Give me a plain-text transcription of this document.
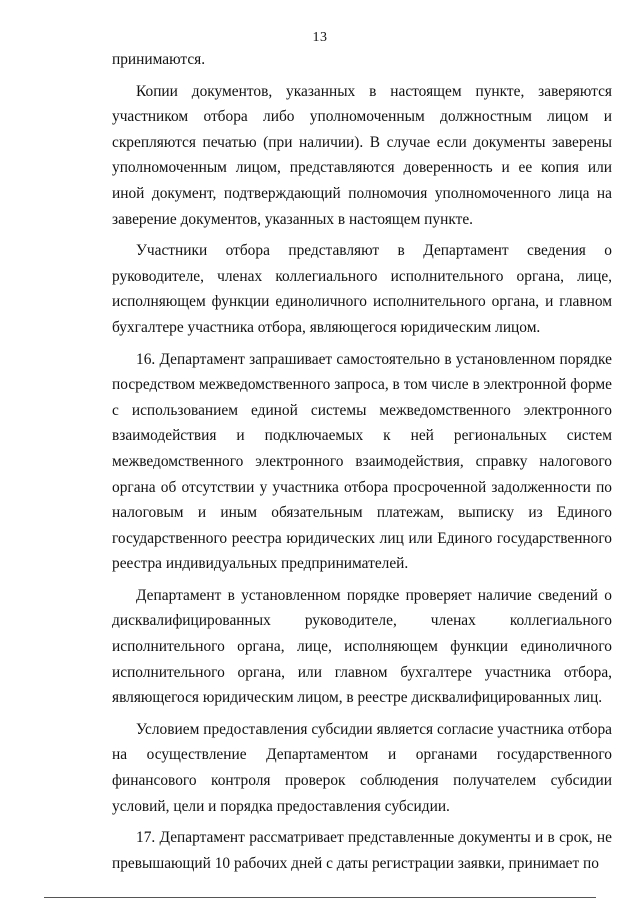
13

принимаются.

Копии документов, указанных в настоящем пункте, заверяются участником отбора либо уполномоченным должностным лицом и скрепляются печатью (при наличии). В случае если документы заверены уполномоченным лицом, представляются доверенность и ее копия или иной документ, подтверждающий полномочия уполномоченного лица на заверение документов, указанных в настоящем пункте.

Участники отбора представляют в Департамент сведения о руководителе, членах коллегиального исполнительного органа, лице, исполняющем функции единоличного исполнительного органа, и главном бухгалтере участника отбора, являющегося юридическим лицом.

16. Департамент запрашивает самостоятельно в установленном порядке посредством межведомственного запроса, в том числе в электронной форме с использованием единой системы межведомственного электронного взаимодействия и подключаемых к ней региональных систем межведомственного электронного взаимодействия, справку налогового органа об отсутствии у участника отбора просроченной задолженности по налоговым и иным обязательным платежам, выписку из Единого государственного реестра юридических лиц или Единого государственного реестра индивидуальных предпринимателей.

Департамент в установленном порядке проверяет наличие сведений о дисквалифицированных руководителе, членах коллегиального исполнительного органа, лице, исполняющем функции единоличного исполнительного органа, или главном бухгалтере участника отбора, являющегося юридическим лицом, в реестре дисквалифицированных лиц.

Условием предоставления субсидии является согласие участника отбора на осуществление Департаментом и органами государственного финансового контроля проверок соблюдения получателем субсидии условий, цели и порядка предоставления субсидии.

17. Департамент рассматривает представленные документы и в срок, не превышающий 10 рабочих дней с даты регистрации заявки, принимает по
